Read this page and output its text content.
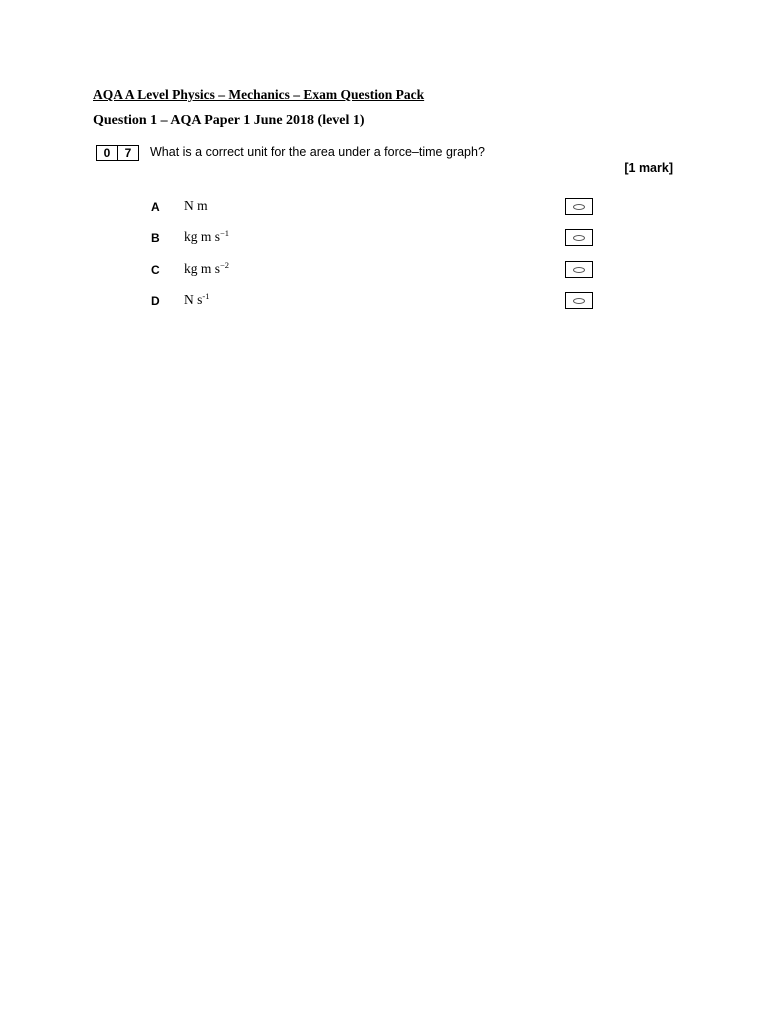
AQA A Level Physics – Mechanics – Exam Question Pack
Question 1 – AQA Paper 1 June 2018 (level 1)
0	7	What is a correct unit for the area under a force–time graph?
[1 mark]
A N m
B kg m $s^{-1}$
C kg m $s^{-2}$
D N $s^{-1}$
